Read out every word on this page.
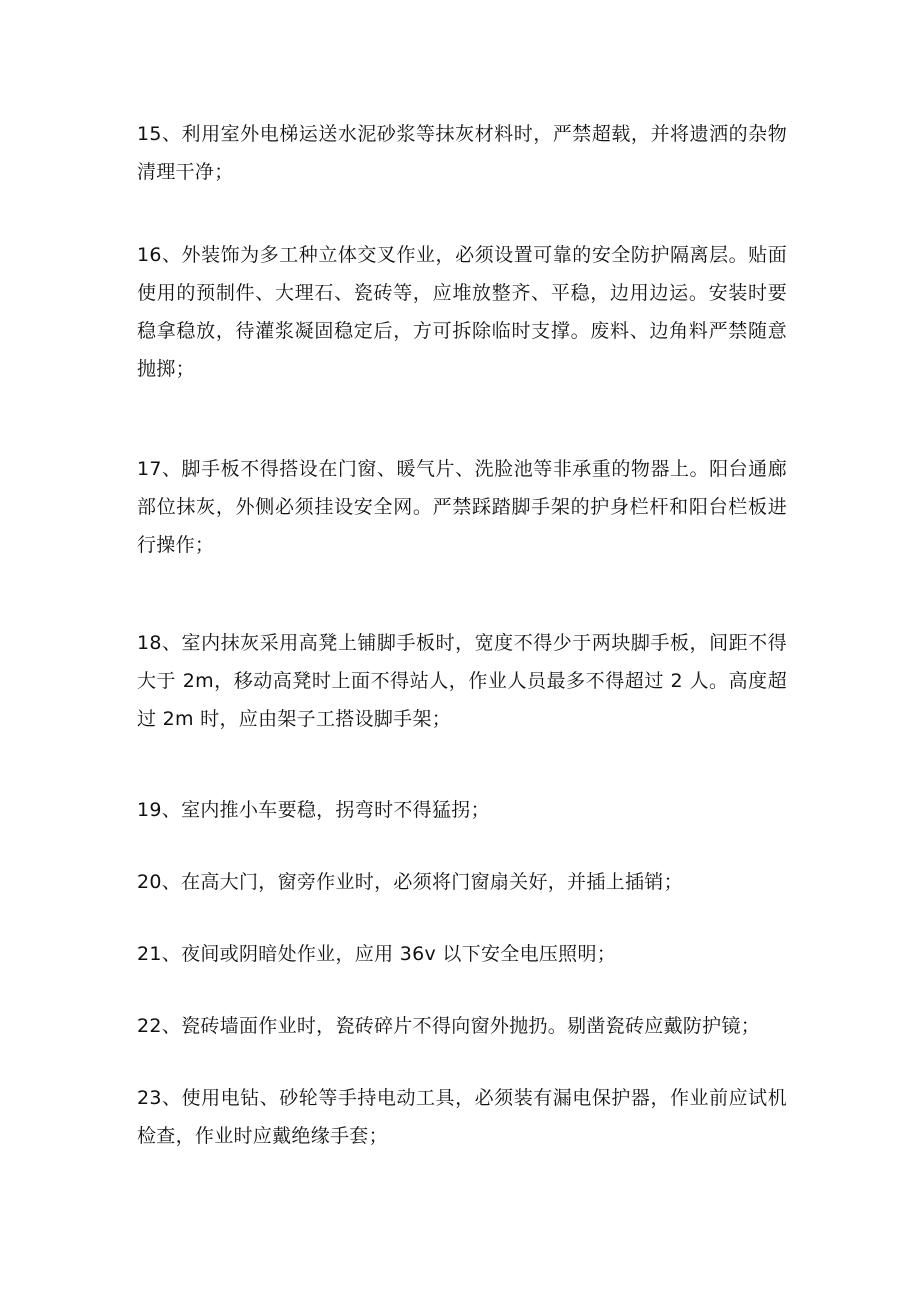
15、利用室外电梯运送水泥砂浆等抹灰材料时，严禁超载，并将遗洒的杂物清理干净；

16、外装饰为多工种立体交叉作业，必须设置可靠的安全防护隔离层。贴面使用的预制件、大理石、瓷砖等，应堆放整齐、平稳，边用边运。安装时要稳拿稳放，待灌浆凝固稳定后，方可拆除临时支撑。废料、边角料严禁随意抛掷；

17、脚手板不得搭设在门窗、暖气片、洗脸池等非承重的物器上。阳台通廊部位抹灰，外侧必须挂设安全网。严禁踩踏脚手架的护身栏杆和阳台栏板进行操作；

18、室内抹灰采用高凳上铺脚手板时，宽度不得少于两块脚手板，间距不得大于 2m，移动高凳时上面不得站人，作业人员最多不得超过 2 人。高度超过 2m 时，应由架子工搭设脚手架；

19、室内推小车要稳，拐弯时不得猛拐；

20、在高大门，窗旁作业时，必须将门窗扇关好，并插上插销；

21、夜间或阴暗处作业，应用 36v 以下安全电压照明；

22、瓷砖墙面作业时，瓷砖碎片不得向窗外抛扔。剔凿瓷砖应戴防护镜；

23、使用电钻、砂轮等手持电动工具，必须装有漏电保护器，作业前应试机检查，作业时应戴绝缘手套；
